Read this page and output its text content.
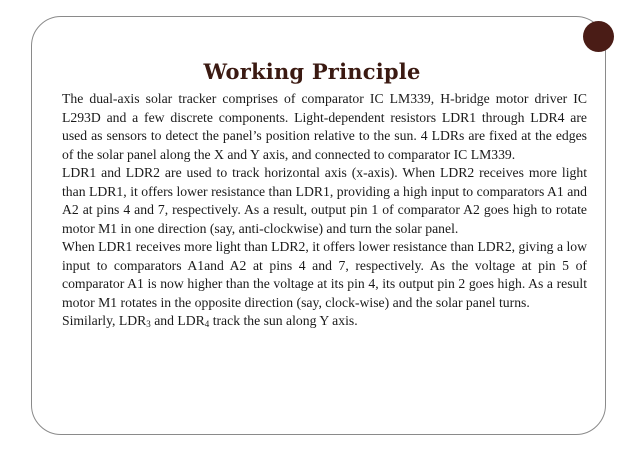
Working Principle

The dual-axis solar tracker comprises of comparator IC LM339, H-bridge motor driver IC L293D and a few discrete components. Light-dependent resistors LDR1 through LDR4 are used as sensors to detect the panel’s position relative to the sun. 4 LDRs are fixed at the edges of the solar panel along the X and Y axis, and connected to comparator IC LM339.

LDR1 and LDR2 are used to track horizontal axis (x-axis). When LDR2 receives more light than LDR1, it offers lower resistance than LDR1, providing a high input to comparators A1 and A2 at pins 4 and 7, respectively. As a result, output pin 1 of comparator A2 goes high to rotate motor M1 in one direction (say, anti-clockwise) and turn the solar panel.

When LDR1 receives more light than LDR2, it offers lower resistance than LDR2, giving a low input to comparators A1and A2 at pins 4 and 7, respectively. As the voltage at pin 5 of comparator A1 is now higher than the voltage at its pin 4, its output pin 2 goes high. As a result motor M1 rotates in the opposite direction (say, clock-wise) and the solar panel turns.

Similarly, $LDR_3$ and $LDR_4$ track the sun along Y axis.
